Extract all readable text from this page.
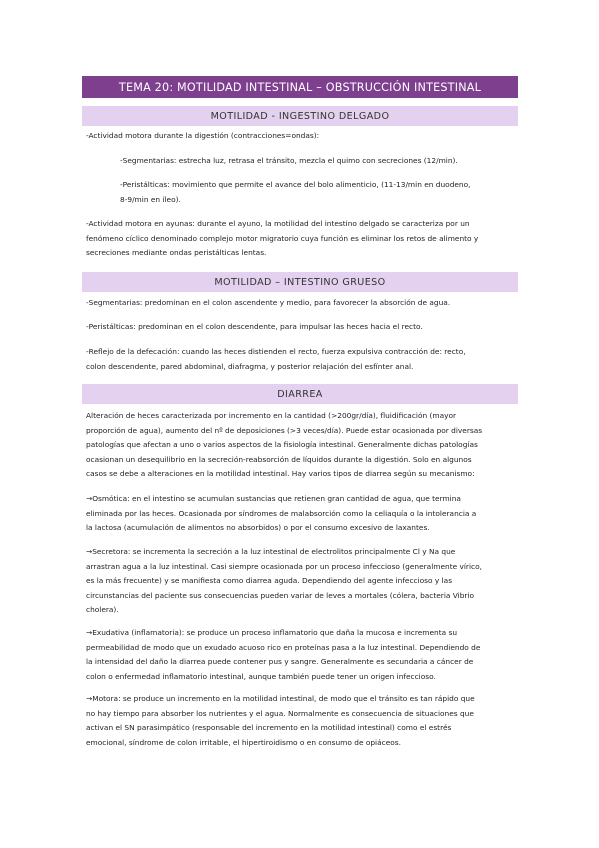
TEMA 20: MOTILIDAD INTESTINAL – OBSTRUCCIÓN INTESTINAL
MOTILIDAD - INGESTINO DELGADO

-Actividad motora durante la digestión (contracciones=ondas):

-Segmentarias: estrecha luz, retrasa el tránsito, mezcla el quimo con secreciones (12/min).

-Peristálticas: movimiento que permite el avance del bolo alimenticio, (11-13/min en duodeno,
8-9/min en íleo).

-Actividad motora en ayunas: durante el ayuno, la motilidad del intestino delgado se caracteriza por un
fenómeno cíclico denominado complejo motor migratorio cuya función es eliminar los retos de alimento y
secreciones mediante ondas peristálticas lentas.

MOTILIDAD – INTESTINO GRUESO

-Segmentarias: predominan en el colon ascendente y medio, para favorecer la absorción de agua.

-Peristálticas: predominan en el colon descendente, para impulsar las heces hacia el recto.

-Reflejo de la defecación: cuando las heces distienden el recto, fuerza expulsiva contracción de: recto,
colon descendente, pared abdominal, diafragma, y posterior relajación del esfínter anal.

DIARREA

Alteración de heces caracterizada por incremento en la cantidad (>200gr/día), fluidificación (mayor
proporción de agua), aumento del nº de deposiciones (>3 veces/día). Puede estar ocasionada por diversas
patologías que afectan a uno o varios aspectos de la fisiología intestinal. Generalmente dichas patologías
ocasionan un desequilibrio en la secreción-reabsorción de líquidos durante la digestión. Solo en algunos
casos se debe a alteraciones en la motilidad intestinal. Hay varios tipos de diarrea según su mecanismo:

→Osmótica: en el intestino se acumulan sustancias que retienen gran cantidad de agua, que termina
eliminada por las heces. Ocasionada por síndromes de malabsorción como la celiaquía o la intolerancia a
la lactosa (acumulación de alimentos no absorbidos) o por el consumo excesivo de laxantes.

→Secretora: se incrementa la secreción a la luz intestinal de electrolitos principalmente Cl y Na que
arrastran agua a la luz intestinal. Casi siempre ocasionada por un proceso infeccioso (generalmente vírico,
es la más frecuente) y se manifiesta como diarrea aguda. Dependiendo del agente infeccioso y las
circunstancias del paciente sus consecuencias pueden variar de leves a mortales (cólera, bacteria Vibrio
cholera).

→Exudativa (inflamatoria): se produce un proceso inflamatorio que daña la mucosa e incrementa su
permeabilidad de modo que un exudado acuoso rico en proteínas pasa a la luz intestinal. Dependiendo de
la intensidad del daño la diarrea puede contener pus y sangre. Generalmente es secundaria a cáncer de
colon o enfermedad inflamatorio intestinal, aunque también puede tener un origen infeccioso.

→Motora: se produce un incremento en la motilidad intestinal, de modo que el tránsito es tan rápido que
no hay tiempo para absorber los nutrientes y el agua. Normalmente es consecuencia de situaciones que
activan el SN parasimpático (responsable del incremento en la motilidad intestinal) como el estrés
emocional, síndrome de colon irritable, el hipertiroidismo o en consumo de opiáceos.
